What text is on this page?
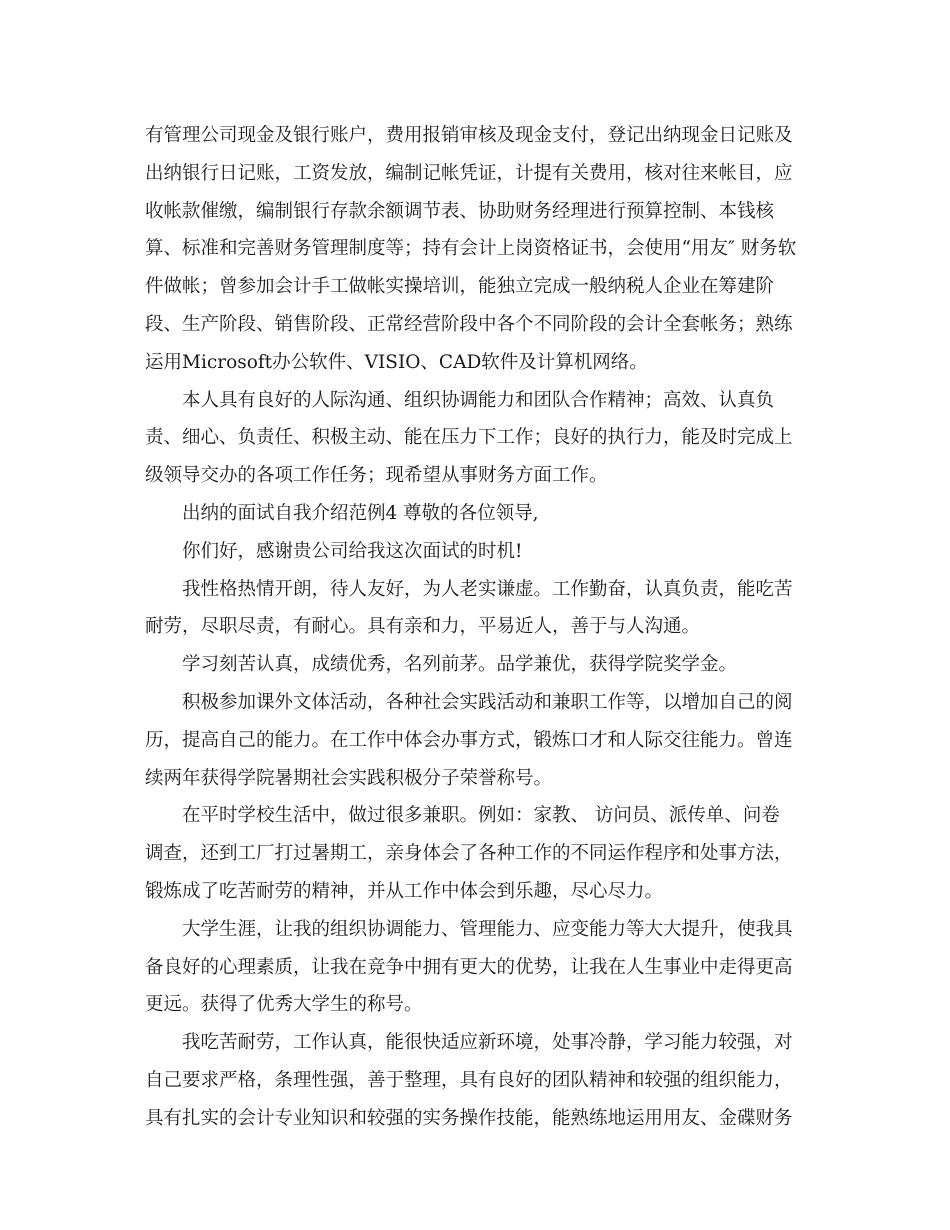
有管理公司现金及银行账户，费用报销审核及现金支付，登记出纳现金日记账及
出纳银行日记账，工资发放，编制记帐凭证，计提有关费用，核对往来帐目，应
收帐款催缴，编制银行存款余额调节表、协助财务经理进行预算控制、本钱核
算、标准和完善财务管理制度等；持有会计上岗资格证书，会使用“用友″ 财务软
件做帐；曾参加会计手工做帐实操培训，能独立完成一般纳税人企业在筹建阶
段、生产阶段、销售阶段、正常经营阶段中各个不同阶段的会计全套帐务；熟练
运用Microsoft办公软件、VISIO、CAD软件及计算机网络。
本人具有良好的人际沟通、组织协调能力和团队合作精神；高效、认真负
责、细心、负责任、积极主动、能在压力下工作；良好的执行力，能及时完成上
级领导交办的各项工作任务；现希望从事财务方面工作。
出纳的面试自我介绍范例4 尊敬的各位领导,
你们好，感谢贵公司给我这次面试的时机!
我性格热情开朗，待人友好，为人老实谦虚。工作勤奋，认真负责，能吃苦
耐劳，尽职尽责，有耐心。具有亲和力，平易近人，善于与人沟通。
学习刻苦认真，成绩优秀，名列前茅。品学兼优，获得学院奖学金。
积极参加课外文体活动，各种社会实践活动和兼职工作等，以增加自己的阅
历，提高自己的能力。在工作中体会办事方式，锻炼口才和人际交往能力。曾连
续两年获得学院暑期社会实践积极分子荣誉称号。
在平时学校生活中，做过很多兼职。例如：家教、 访问员、派传单、问卷
调查，还到工厂打过暑期工，亲身体会了各种工作的不同运作程序和处事方法，
锻炼成了吃苦耐劳的精神，并从工作中体会到乐趣，尽心尽力。
大学生涯，让我的组织协调能力、管理能力、应变能力等大大提升，使我具
备良好的心理素质，让我在竞争中拥有更大的优势，让我在人生事业中走得更高
更远。获得了优秀大学生的称号。
我吃苦耐劳，工作认真，能很快适应新环境，处事冷静，学习能力较强，对
自己要求严格，条理性强，善于整理，具有良好的团队精神和较强的组织能力，
具有扎实的会计专业知识和较强的实务操作技能，能熟练地运用用友、金碟财务
